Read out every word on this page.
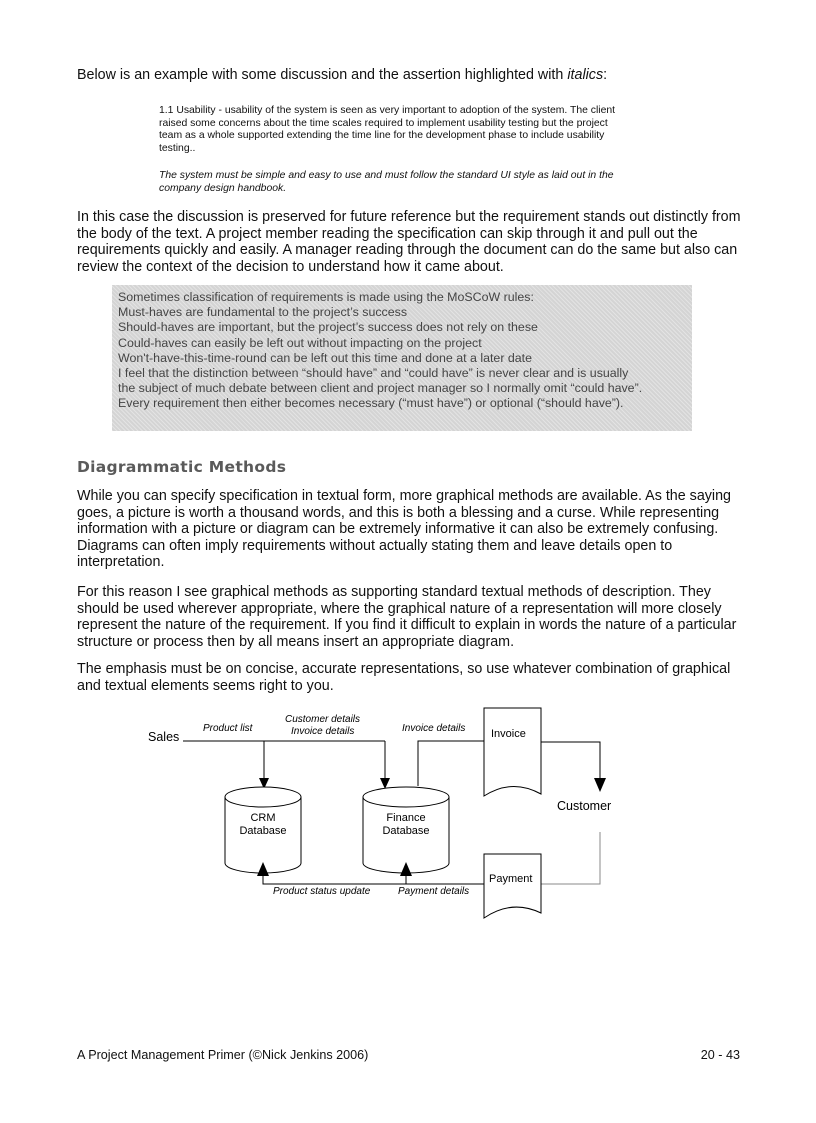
Below is an example with some discussion and the assertion highlighted with italics:

1.1 Usability - usability of the system is seen as very important to adoption of the system. The client raised some concerns about the time scales required to implement usability testing but the project team as a whole supported extending the time line for the development phase to include usability testing..

The system must be simple and easy to use and must follow the standard UI style as laid out in the company design handbook.

In this case the discussion is preserved for future reference but the requirement stands out distinctly from the body of the text. A project member reading the specification can skip through it and pull out the requirements quickly and easily. A manager reading through the document can do the same but also can review the context of the decision to understand how it came about.

Sometimes classification of requirements is made using the MoSCoW rules:
Must-haves are fundamental to the project’s success
Should-haves are important, but the project’s success does not rely on these
Could-haves can easily be left out without impacting on the project
Won't-have-this-time-round can be left out this time and done at a later date
I feel that the distinction between “should have” and “could have” is never clear and is usually
the subject of much debate between client and project manager so I normally omit “could have”.
Every requirement then either becomes necessary (“must have”) or optional (“should have”).
Diagrammatic Methods

While you can specify specification in textual form, more graphical methods are available. As the saying goes, a picture is worth a thousand words, and this is both a blessing and a curse. While representing information with a picture or diagram can be extremely informative it can also be extremely confusing. Diagrams can often imply requirements without actually stating them and leave details open to interpretation.

For this reason I see graphical methods as supporting standard textual methods of description. They should be used wherever appropriate, where the graphical nature of a representation will more closely represent the nature of the requirement. If you find it difficult to explain in words the nature of a particular structure or process then by all means insert an appropriate diagram.

The emphasis must be on concise, accurate representations, so use whatever combination of graphical and textual elements seems right to you.

Sales
Product list
Customer details
Invoice details	Invoice details Invoice
Customer
CRM
Database
Finance
Database
Payment
Product status update	Payment details

A Project Management Primer (©Nick Jenkins 2006)	20 - 43
